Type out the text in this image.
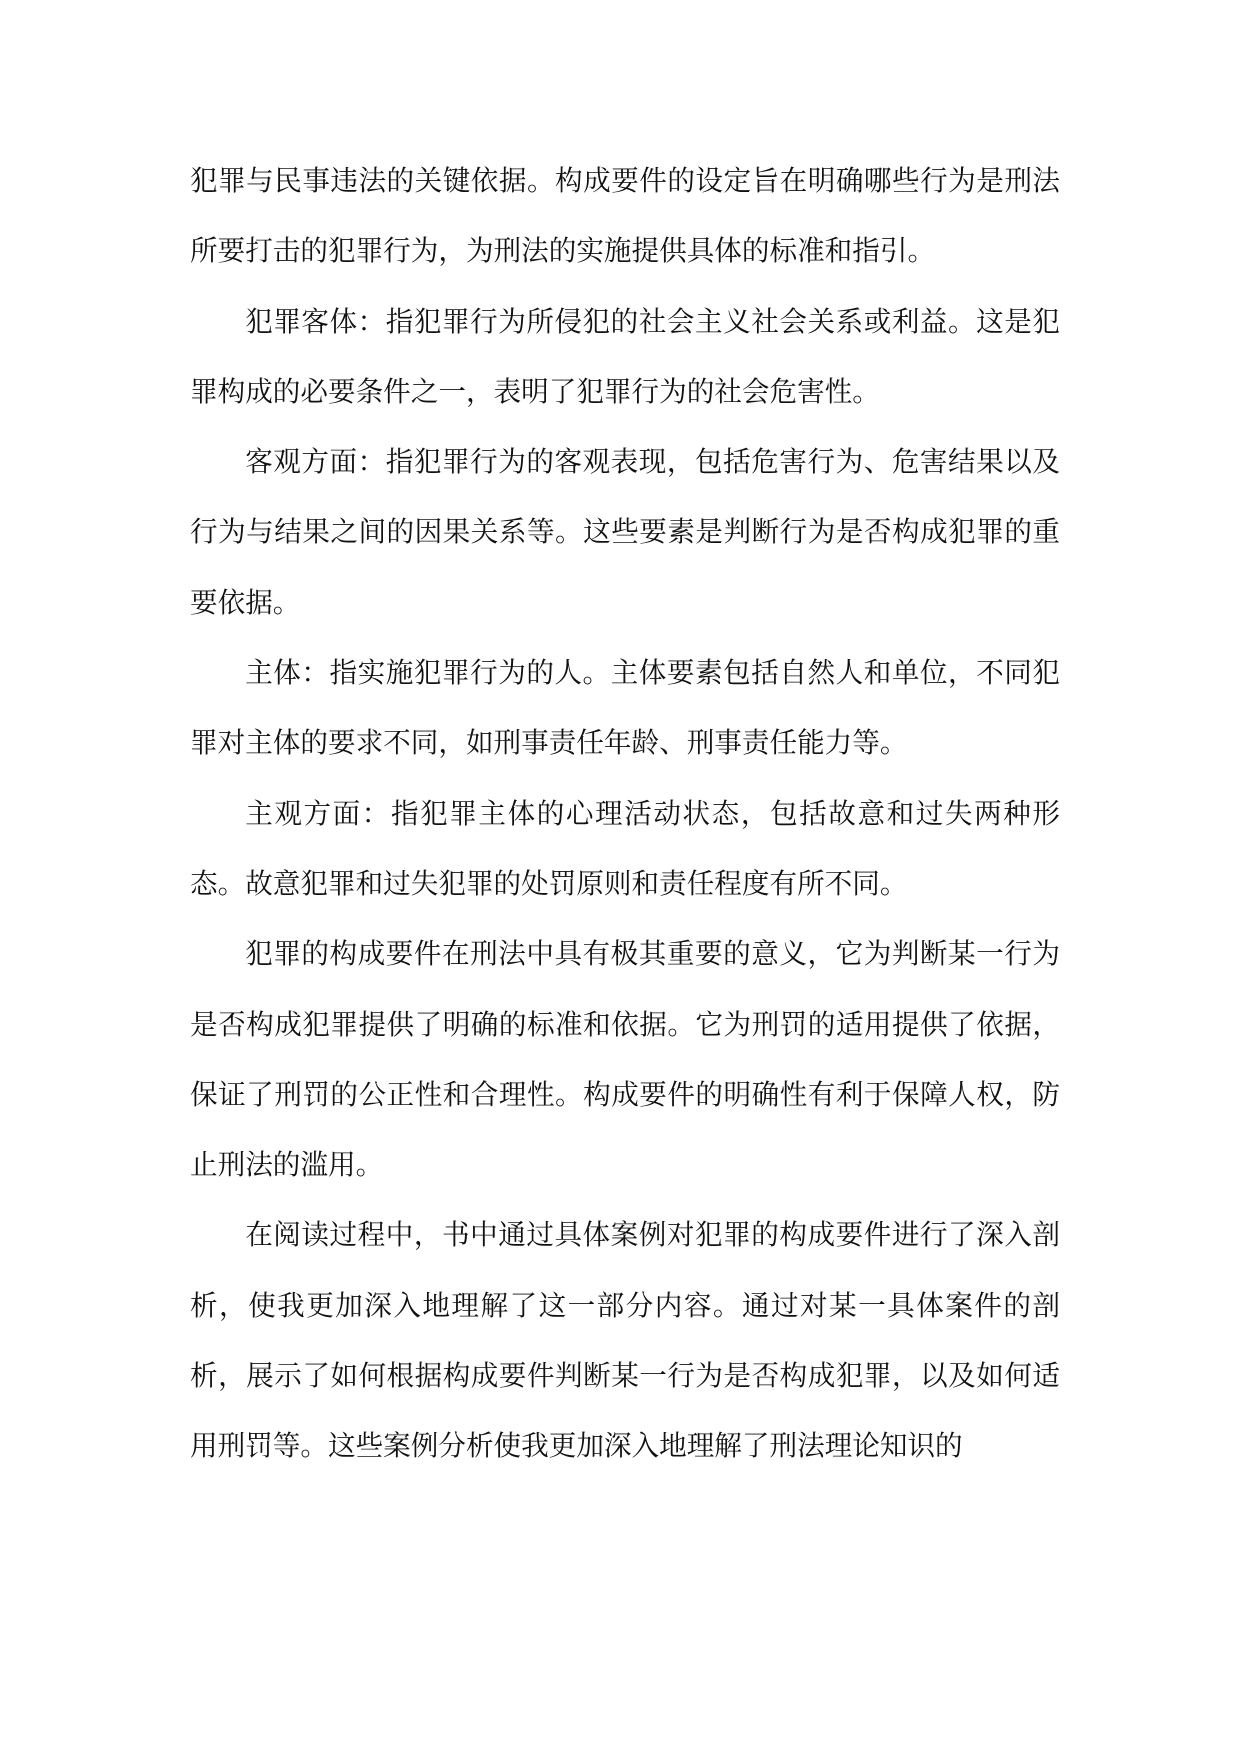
犯罪与民事违法的关键依据。构成要件的设定旨在明确哪些行为是刑法所要打击的犯罪行为，为刑法的实施提供具体的标准和指引。

犯罪客体：指犯罪行为所侵犯的社会主义社会关系或利益。这是犯罪构成的必要条件之一，表明了犯罪行为的社会危害性。

客观方面：指犯罪行为的客观表现，包括危害行为、危害结果以及行为与结果之间的因果关系等。这些要素是判断行为是否构成犯罪的重要依据。

主体：指实施犯罪行为的人。主体要素包括自然人和单位，不同犯罪对主体的要求不同，如刑事责任年龄、刑事责任能力等。

主观方面：指犯罪主体的心理活动状态，包括故意和过失两种形态。故意犯罪和过失犯罪的处罚原则和责任程度有所不同。

犯罪的构成要件在刑法中具有极其重要的意义，它为判断某一行为是否构成犯罪提供了明确的标准和依据。它为刑罚的适用提供了依据，保证了刑罚的公正性和合理性。构成要件的明确性有利于保障人权，防止刑法的滥用。

在阅读过程中，书中通过具体案例对犯罪的构成要件进行了深入剖析，使我更加深入地理解了这一部分内容。通过对某一具体案件的剖析，展示了如何根据构成要件判断某一行为是否构成犯罪，以及如何适用刑罚等。这些案例分析使我更加深入地理解了刑法理论知识的
